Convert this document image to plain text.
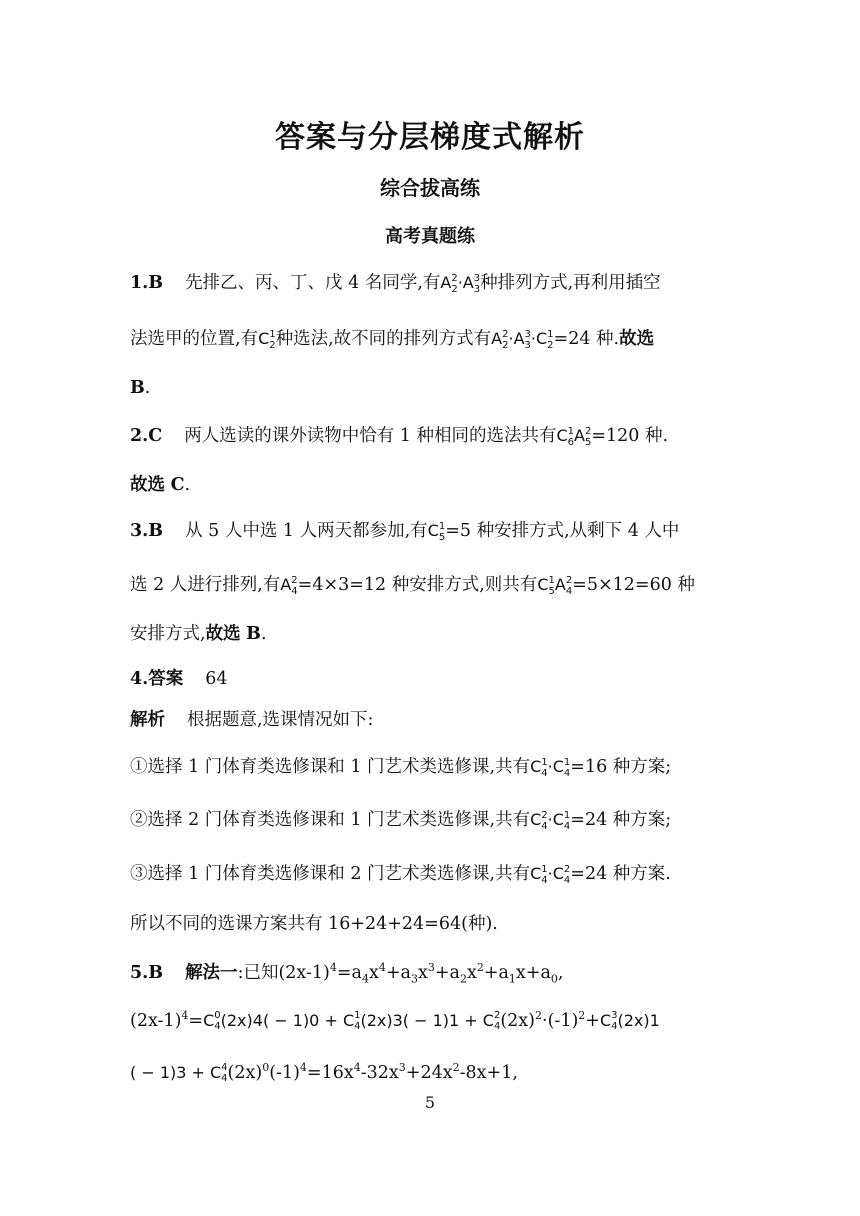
答案与分层梯度式解析
综合拔高练
高考真题练
1.B 先排乙、丙、丁、戊 4 名同学,有A 2
2 ·A 3
3 种排列方式,再利用插空
法选甲的位置,有C 1
2 种选法,故不同的排列方式有A 2
2 ·A 3
3 ·C 1
2 =24 种.故选
B.
2.C 两人选读的课外读物中恰有 1 种相同的选法共有C 1
6 A 2
5 =120 种.
故选 C.
3.B 从 5 人中选 1 人两天都参加,有C 1
5 =5 种安排方式,从剩下 4 人中
选 2 人进行排列,有A 2
4 =4×3=12 种安排方式,则共有C 1
5 A 2
4 =5×12=60 种
安排方式,故选 B.
4.答案 64
解析 根据题意,选课情况如下:
①选择 1 门体育类选修课和 1 门艺术类选修课,共有C 1
4 ·C 1
4 =16 种方案;
②选择 2 门体育类选修课和 1 门艺术类选修课,共有C 2
4 ·C 1
4 =24 种方案;
③选择 1 门体育类选修课和 2 门艺术类选修课,共有C 1
4 ·C 2
4 =24 种方案.
所以不同的选课方案共有 16+24+24=64(种).
5.B 解法一:已知$(2x-1)^4=a_4x^4+a_3x^3+a_2x^2+a_1x+a_0$,
$(2x-1)^4=C$ 0
4 (2x)4( − 1)0 + C 1
4 (2x)3( − 1)1 + C 2
4 $(2x)^2\cdot(-1)^2+C$ 3
4 (2x)1
( − 1)3 + C 4
4 $(2x)^0(-1)^4=16x^4-32x^3+24x^2-8x+1$,
5
